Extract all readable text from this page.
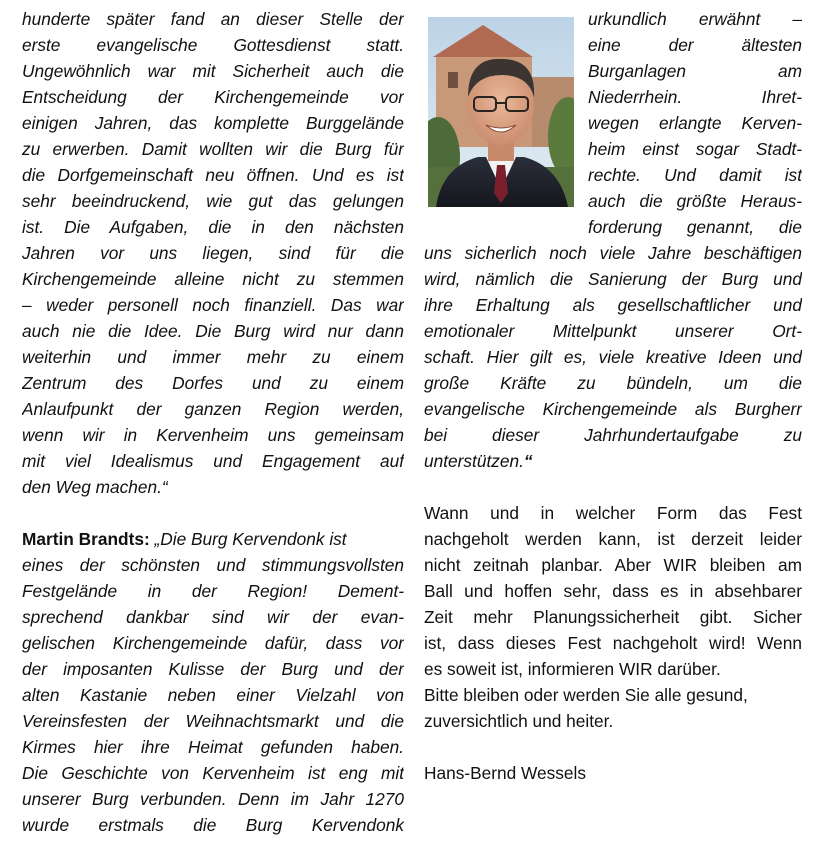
hunderte später fand an dieser Stelle der
erste evangelische Gottesdienst statt.
Ungewöhnlich war mit Sicherheit auch die
Entscheidung der Kirchengemeinde vor
einigen Jahren, das komplette Burggelände
zu erwerben. Damit wollten wir die Burg für
die Dorfgemeinschaft neu öffnen. Und es ist
sehr beeindruckend, wie gut das gelungen
ist. Die Aufgaben, die in den nächsten
Jahren vor uns liegen, sind für die
Kirchengemeinde alleine nicht zu stemmen
– weder personell noch finanziell. Das war
auch nie die Idee. Die Burg wird nur dann
weiterhin und immer mehr zu einem
Zentrum des Dorfes und zu einem
Anlaufpunkt der ganzen Region werden,
wenn wir in Kervenheim uns gemeinsam
mit viel Idealismus und Engagement auf
den Weg machen.“
Martin Brandts: „Die Burg Kervendonk ist
eines der schönsten und stimmungsvollsten
Festgelände in der Region! Dement-
sprechend dankbar sind wir der evan-
gelischen Kirchengemeinde dafür, dass vor
der imposanten Kulisse der Burg und der
alten Kastanie neben einer Vielzahl von
Vereinsfesten der Weihnachtsmarkt und die
Kirmes hier ihre Heimat gefunden haben.
Die Geschichte von Kervenheim ist eng mit
unserer Burg verbunden. Denn im Jahr 1270
wurde erstmals die Burg Kervendonk
urkundlich erwähnt –
eine der ältesten
Burganlagen am
Niederrhein. Ihret-
wegen erlangte Kerven-
heim einst sogar Stadt-
rechte. Und damit ist
auch die größte Heraus-
forderung genannt, die
uns sicherlich noch viele Jahre beschäftigen
wird, nämlich die Sanierung der Burg und
ihre Erhaltung als gesellschaftlicher und
emotionaler Mittelpunkt unserer Ort-
schaft. Hier gilt es, viele kreative Ideen und
große Kräfte zu bündeln, um die
evangelische Kirchengemeinde als Burgherr
bei dieser Jahrhundertaufgabe zu
unterstützen.“
Wann und in welcher Form das Fest
nachgeholt werden kann, ist derzeit leider
nicht zeitnah planbar. Aber WIR bleiben am
Ball und hoffen sehr, dass es in absehbarer
Zeit mehr Planungssicherheit gibt. Sicher
ist, dass dieses Fest nachgeholt wird! Wenn
es soweit ist, informieren WIR darüber.
Bitte bleiben oder werden Sie alle gesund,
zuversichtlich und heiter.
Hans-Bernd Wessels
